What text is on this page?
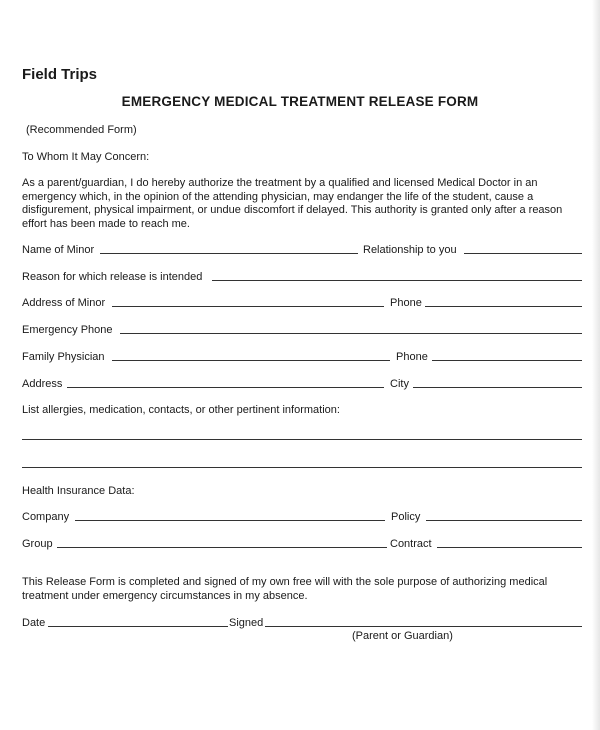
Field Trips
EMERGENCY MEDICAL TREATMENT RELEASE FORM
(Recommended Form)
To Whom It May Concern:
As a parent/guardian, I do hereby authorize the treatment by a qualified and licensed Medical Doctor in an emergency which, in the opinion of the attending physician, may endanger the life of the student, cause a disfigurement, physical impairment, or undue discomfort if delayed. This authority is granted only after a reason effort has been made to reach me.
Name of Minor	Relationship to you
Reason for which release is intended
Address of Minor	Phone
Emergency Phone
Family Physician	Phone
Address	City
List allergies, medication, contacts, or other pertinent information:
Health Insurance Data:
Company	Policy
Group	Contract
This Release Form is completed and signed of my own free will with the sole purpose of authorizing medical treatment under emergency circumstances in my absence.
Date	Signed
(Parent or Guardian)
